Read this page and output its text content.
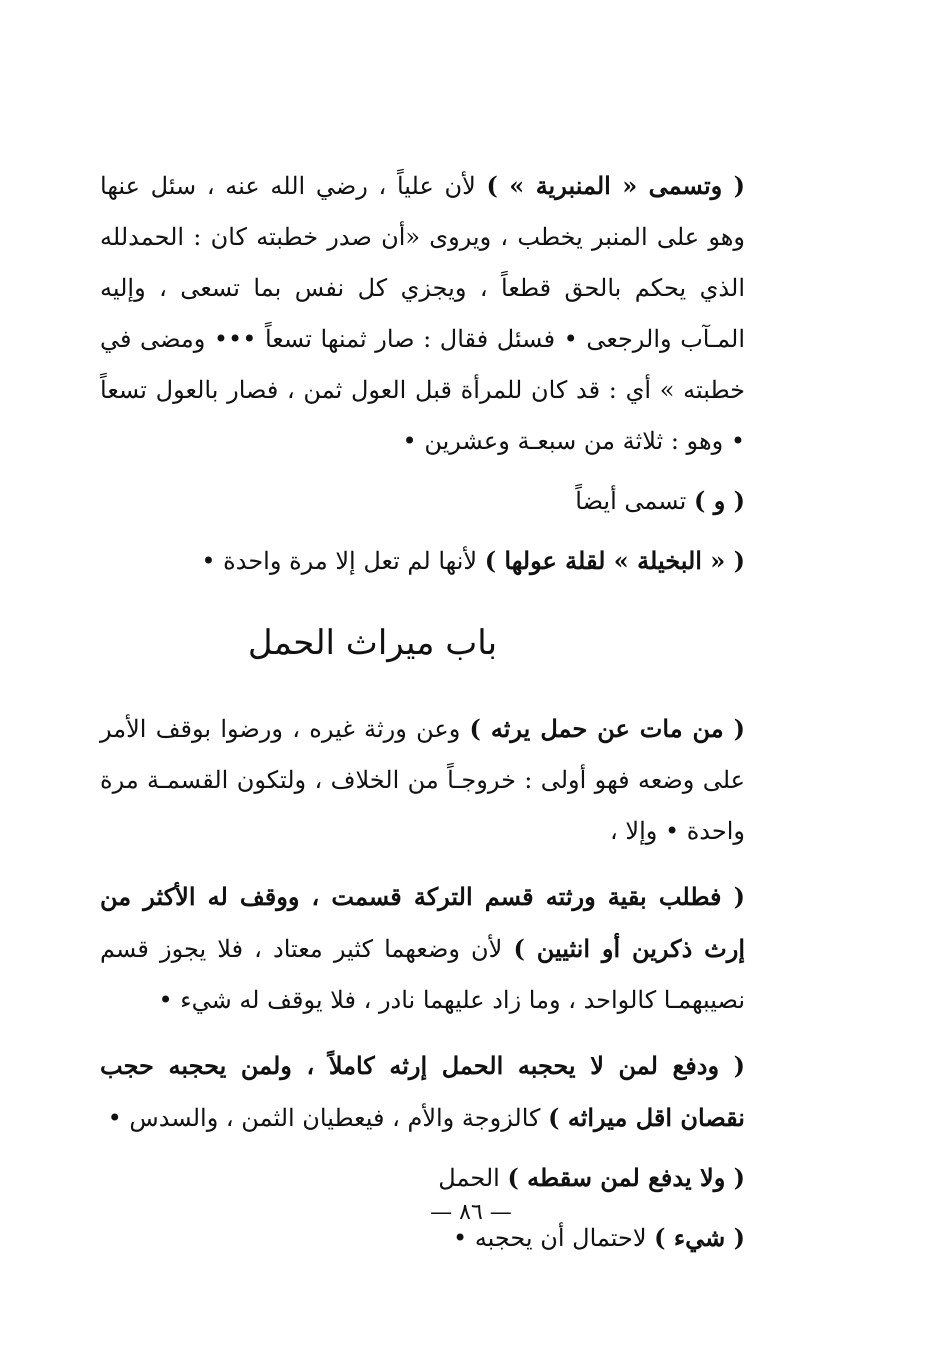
( وتسمى « المنبرية » ) لأن علياً ، رضي الله عنه ، سئل عنها وهو على المنبر يخطب ، ويروى «أن صدر خطبته كان : الحمدلله الذي يحكم بالحق قطعاً ، ويجزي كل نفس بما تسعى ، وإليه المـآب والرجعى • فسئل فقال : صار ثمنها تسعاً ••• ومضى في خطبته » أي : قد كان للمرأة قبل العول ثمن ، فصار بالعول تسعاً • وهو : ثلاثة من سبعـة وعشرين •

( و ) تسمى أيضاً

( « البخيلة » لقلة عولها ) لأنها لم تعل إلا مرة واحدة •

باب ميراث الحمل

( من مات عن حمل يرثه ) وعن ورثة غيره ، ورضوا بوقف الأمر على وضعه فهو أولى : خروجـاً من الخلاف ، ولتكون القسمـة مرة واحدة • وإلا ،

( فطلب بقية ورثته قسم التركة قسمت ، ووقف له الأكثر من إرث ذكرين أو انثيين ) لأن وضعهما كثير معتاد ، فلا يجوز قسم نصيبهمـا كالواحد ، وما زاد عليهما نادر ، فلا يوقف له شيء •

( ودفع لمن لا يحجبه الحمل إرثه كاملاً ، ولمن يحجبه حجب نقصان اقل ميراثه ) كالزوجة والأم ، فيعطيان الثمن ، والسدس •

( ولا يدفع لمن سقطه ) الحمل

( شيء ) لاحتمال أن يحجبه •

— ٨٦ —
